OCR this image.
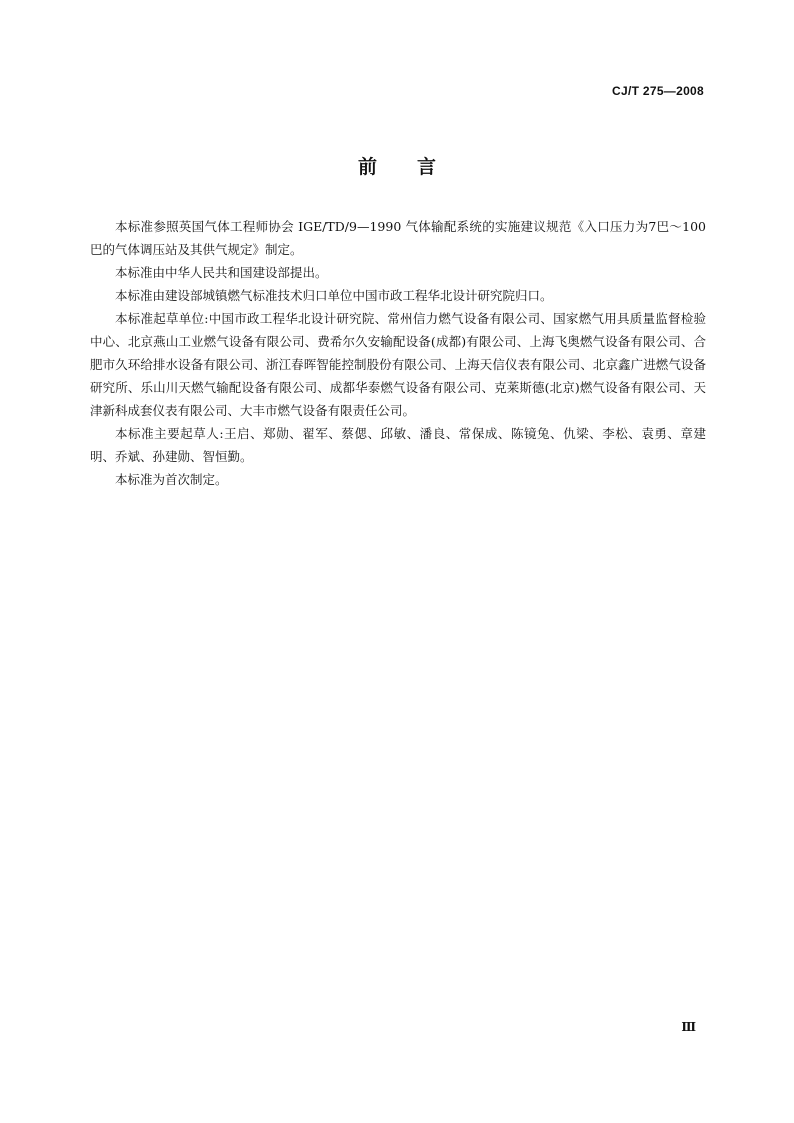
CJ/T 275—2008
前言

本标准参照英国气体工程师协会 IGE/TD/9—1990 气体输配系统的实施建议规范《入口压力为7巴～100巴的气体调压站及其供气规定》制定。

本标准由中华人民共和国建设部提出。

本标准由建设部城镇燃气标准技术归口单位中国市政工程华北设计研究院归口。

本标准起草单位:中国市政工程华北设计研究院、常州信力燃气设备有限公司、国家燃气用具质量监督检验中心、北京燕山工业燃气设备有限公司、费希尔久安输配设备(成都)有限公司、上海飞奥燃气设备有限公司、合肥市久环给排水设备有限公司、浙江春晖智能控制股份有限公司、上海天信仪表有限公司、北京鑫广进燃气设备研究所、乐山川天燃气输配设备有限公司、成都华泰燃气设备有限公司、克莱斯德(北京)燃气设备有限公司、天津新科成套仪表有限公司、大丰市燃气设备有限责任公司。

本标准主要起草人:王启、郑勋、翟军、蔡偲、邱敏、潘良、常保成、陈镜兔、仇梁、李松、袁勇、章建明、乔斌、孙建勋、智恒勤。

本标准为首次制定。

Ⅲ
